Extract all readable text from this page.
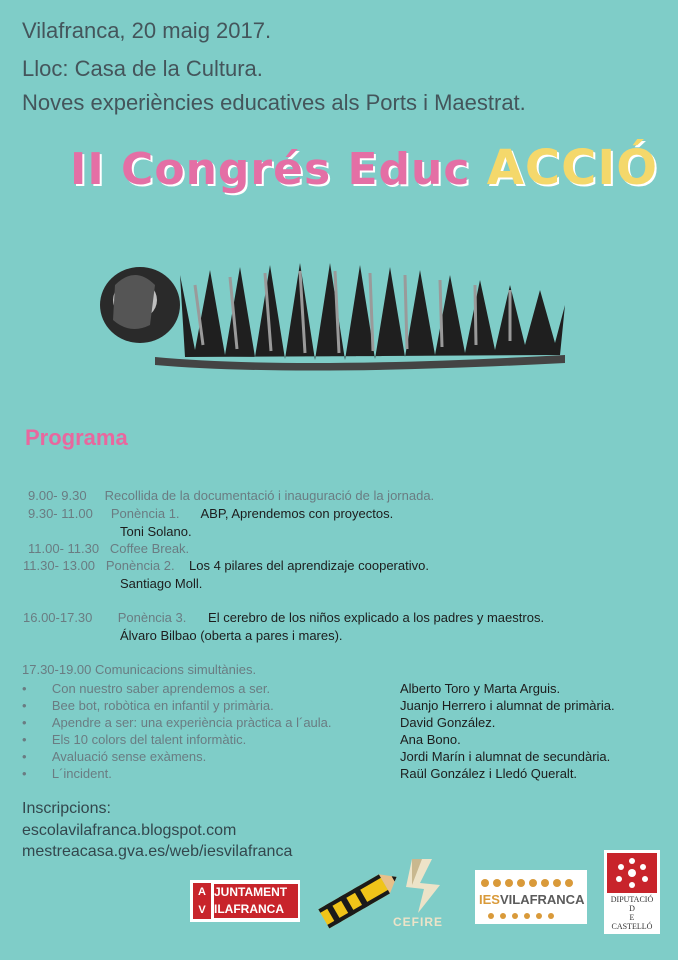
Vilafranca, 20 maig 2017.
Lloc: Casa de la Cultura.
Noves experiències educatives als Ports i Maestrat.
II Congrés Educ ACCIÓ
Programa
9.00- 9.30 Recollida de la documentació i inauguració de la jornada.
9.30- 11.00 Ponència 1. ABP, Aprendemos con proyectos.
Toni Solano.
11.00- 11.30 Coffee Break.
11.30- 13.00 Ponència 2. Los 4 pilares del aprendizaje cooperativo.
Santiago Moll.
16.00-17.30 Ponència 3. El cerebro de los niños explicado a los padres y maestros.
Álvaro Bilbao (oberta a pares i mares).
17.30-19.00 Comunicacions simultànies.
•       Con nuestro saber aprendemos a ser.	Alberto Toro y Marta Arguis.
•       Bee bot, robòtica en infantil y primària.	Juanjo Herrero i alumnat de primària.
•       Apendre a ser: una experiència pràctica a l´aula.	David González.
•       Els 10 colors del talent informàtic.	Ana Bono.
•       Avaluació sense exàmens.	Jordi Marín i alumnat de secundària.
•       L´incident.	Raül González i Lledó Queralt.
Inscripcions:
escolavilafranca.blogspot.com
mestreacasa.gva.es/web/iesvilafranca
A
V
JUNTAMENT
ILAFRANCA
CEFIRE
IESVILAFRANCA	DIPUTACIÓ
D
E
CASTELLÓ
